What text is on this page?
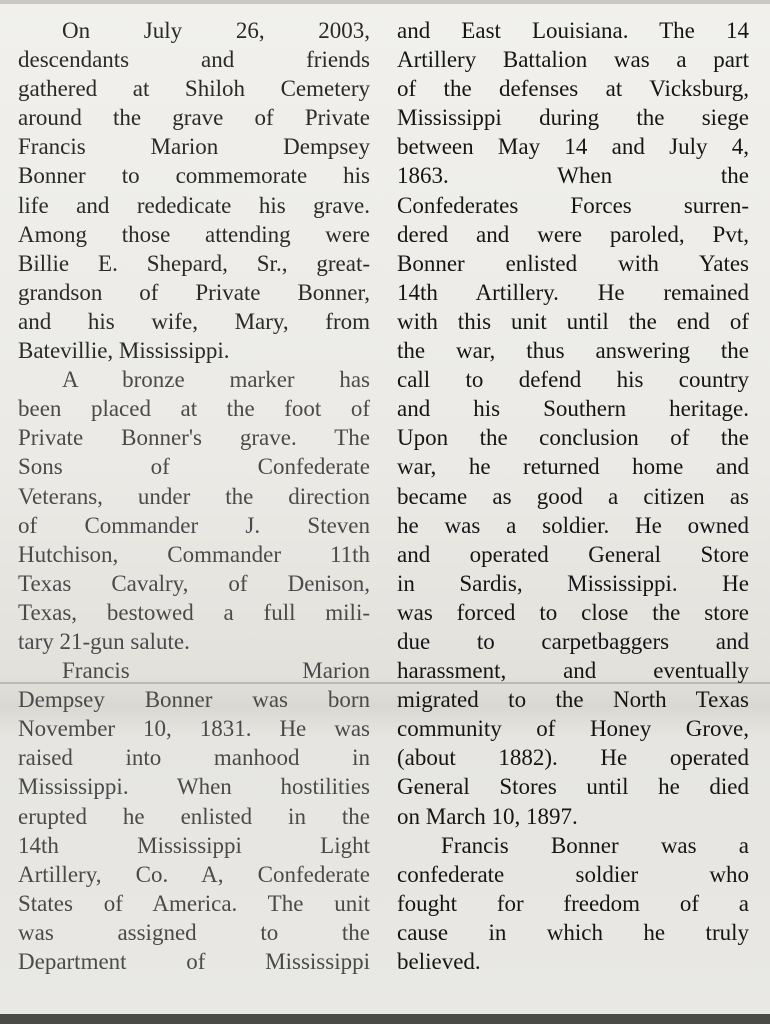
On July 26, 2003,
descendants and friends
gathered at Shiloh Cemetery
around the grave of Private
Francis Marion Dempsey
Bonner to commemorate his
life and rededicate his grave.
Among those attending were
Billie E. Shepard, Sr., great-
grandson of Private Bonner,
and his wife, Mary, from
Batevillie, Mississippi.
A bronze marker has
been placed at the foot of
Private Bonner's grave. The
Sons of Confederate
Veterans, under the direction
of Commander J. Steven
Hutchison, Commander 11th
Texas Cavalry, of Denison,
Texas, bestowed a full mili-
tary 21-gun salute.
Francis Marion
Dempsey Bonner was born
November 10, 1831. He was
raised into manhood in
Mississippi. When hostilities
erupted he enlisted in the
14th Mississippi Light
Artillery, Co. A, Confederate
States of America. The unit
was assigned to the
Department of Mississippi
and East Louisiana. The 14
Artillery Battalion was a part
of the defenses at Vicksburg,
Mississippi during the siege
between May 14 and July 4,
1863. When the
Confederates Forces surren-
dered and were paroled, Pvt,
Bonner enlisted with Yates
14th Artillery. He remained
with this unit until the end of
the war, thus answering the
call to defend his country
and his Southern heritage.
Upon the conclusion of the
war, he returned home and
became as good a citizen as
he was a soldier. He owned
and operated General Store
in Sardis, Mississippi. He
was forced to close the store
due to carpetbaggers and
harassment, and eventually
migrated to the North Texas
community of Honey Grove,
(about 1882). He operated
General Stores until he died
on March 10, 1897.
Francis Bonner was a
confederate soldier who
fought for freedom of a
cause in which he truly
believed.
